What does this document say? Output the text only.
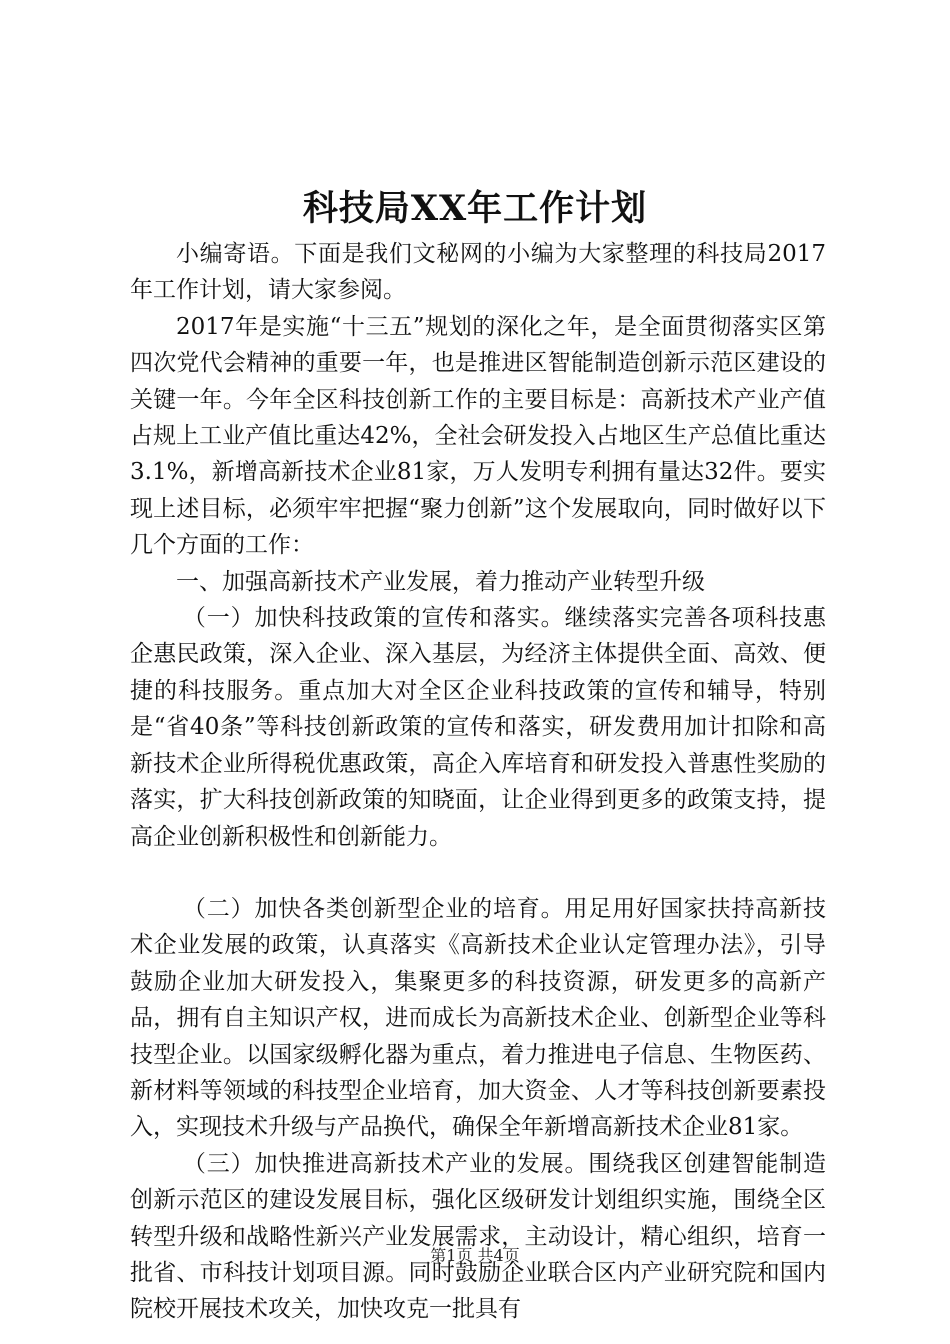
科技局XX年工作计划

小编寄语。下面是我们文秘网的小编为大家整理的科技局2017年工作计划，请大家参阅。

2017年是实施“十三五”规划的深化之年，是全面贯彻落实区第四次党代会精神的重要一年，也是推进区智能制造创新示范区建设的关键一年。今年全区科技创新工作的主要目标是：高新技术产业产值占规上工业产值比重达42%，全社会研发投入占地区生产总值比重达3.1%，新增高新技术企业81家，万人发明专利拥有量达32件。要实现上述目标，必须牢牢把握“聚力创新”这个发展取向，同时做好以下几个方面的工作：

一、加强高新技术产业发展，着力推动产业转型升级

（一）加快科技政策的宣传和落实。继续落实完善各项科技惠企惠民政策，深入企业、深入基层，为经济主体提供全面、高效、便捷的科技服务。重点加大对全区企业科技政策的宣传和辅导，特别是“省40条”等科技创新政策的宣传和落实，研发费用加计扣除和高新技术企业所得税优惠政策，高企入库培育和研发投入普惠性奖励的落实，扩大科技创新政策的知晓面，让企业得到更多的政策支持，提高企业创新积极性和创新能力。

（二）加快各类创新型企业的培育。用足用好国家扶持高新技术企业发展的政策，认真落实《高新技术企业认定管理办法》，引导鼓励企业加大研发投入，集聚更多的科技资源，研发更多的高新产品，拥有自主知识产权，进而成长为高新技术企业、创新型企业等科技型企业。以国家级孵化器为重点，着力推进电子信息、生物医药、新材料等领域的科技型企业培育，加大资金、人才等科技创新要素投入，实现技术升级与产品换代，确保全年新增高新技术企业81家。

（三）加快推进高新技术产业的发展。围绕我区创建智能制造创新示范区的建设发展目标，强化区级研发计划组织实施，围绕全区转型升级和战略性新兴产业发展需求，主动设计，精心组织，培育一批省、市科技计划项目源。同时鼓励企业联合区内产业研究院和国内院校开展技术攻关，加快攻克一批具有

第1页 共4页
